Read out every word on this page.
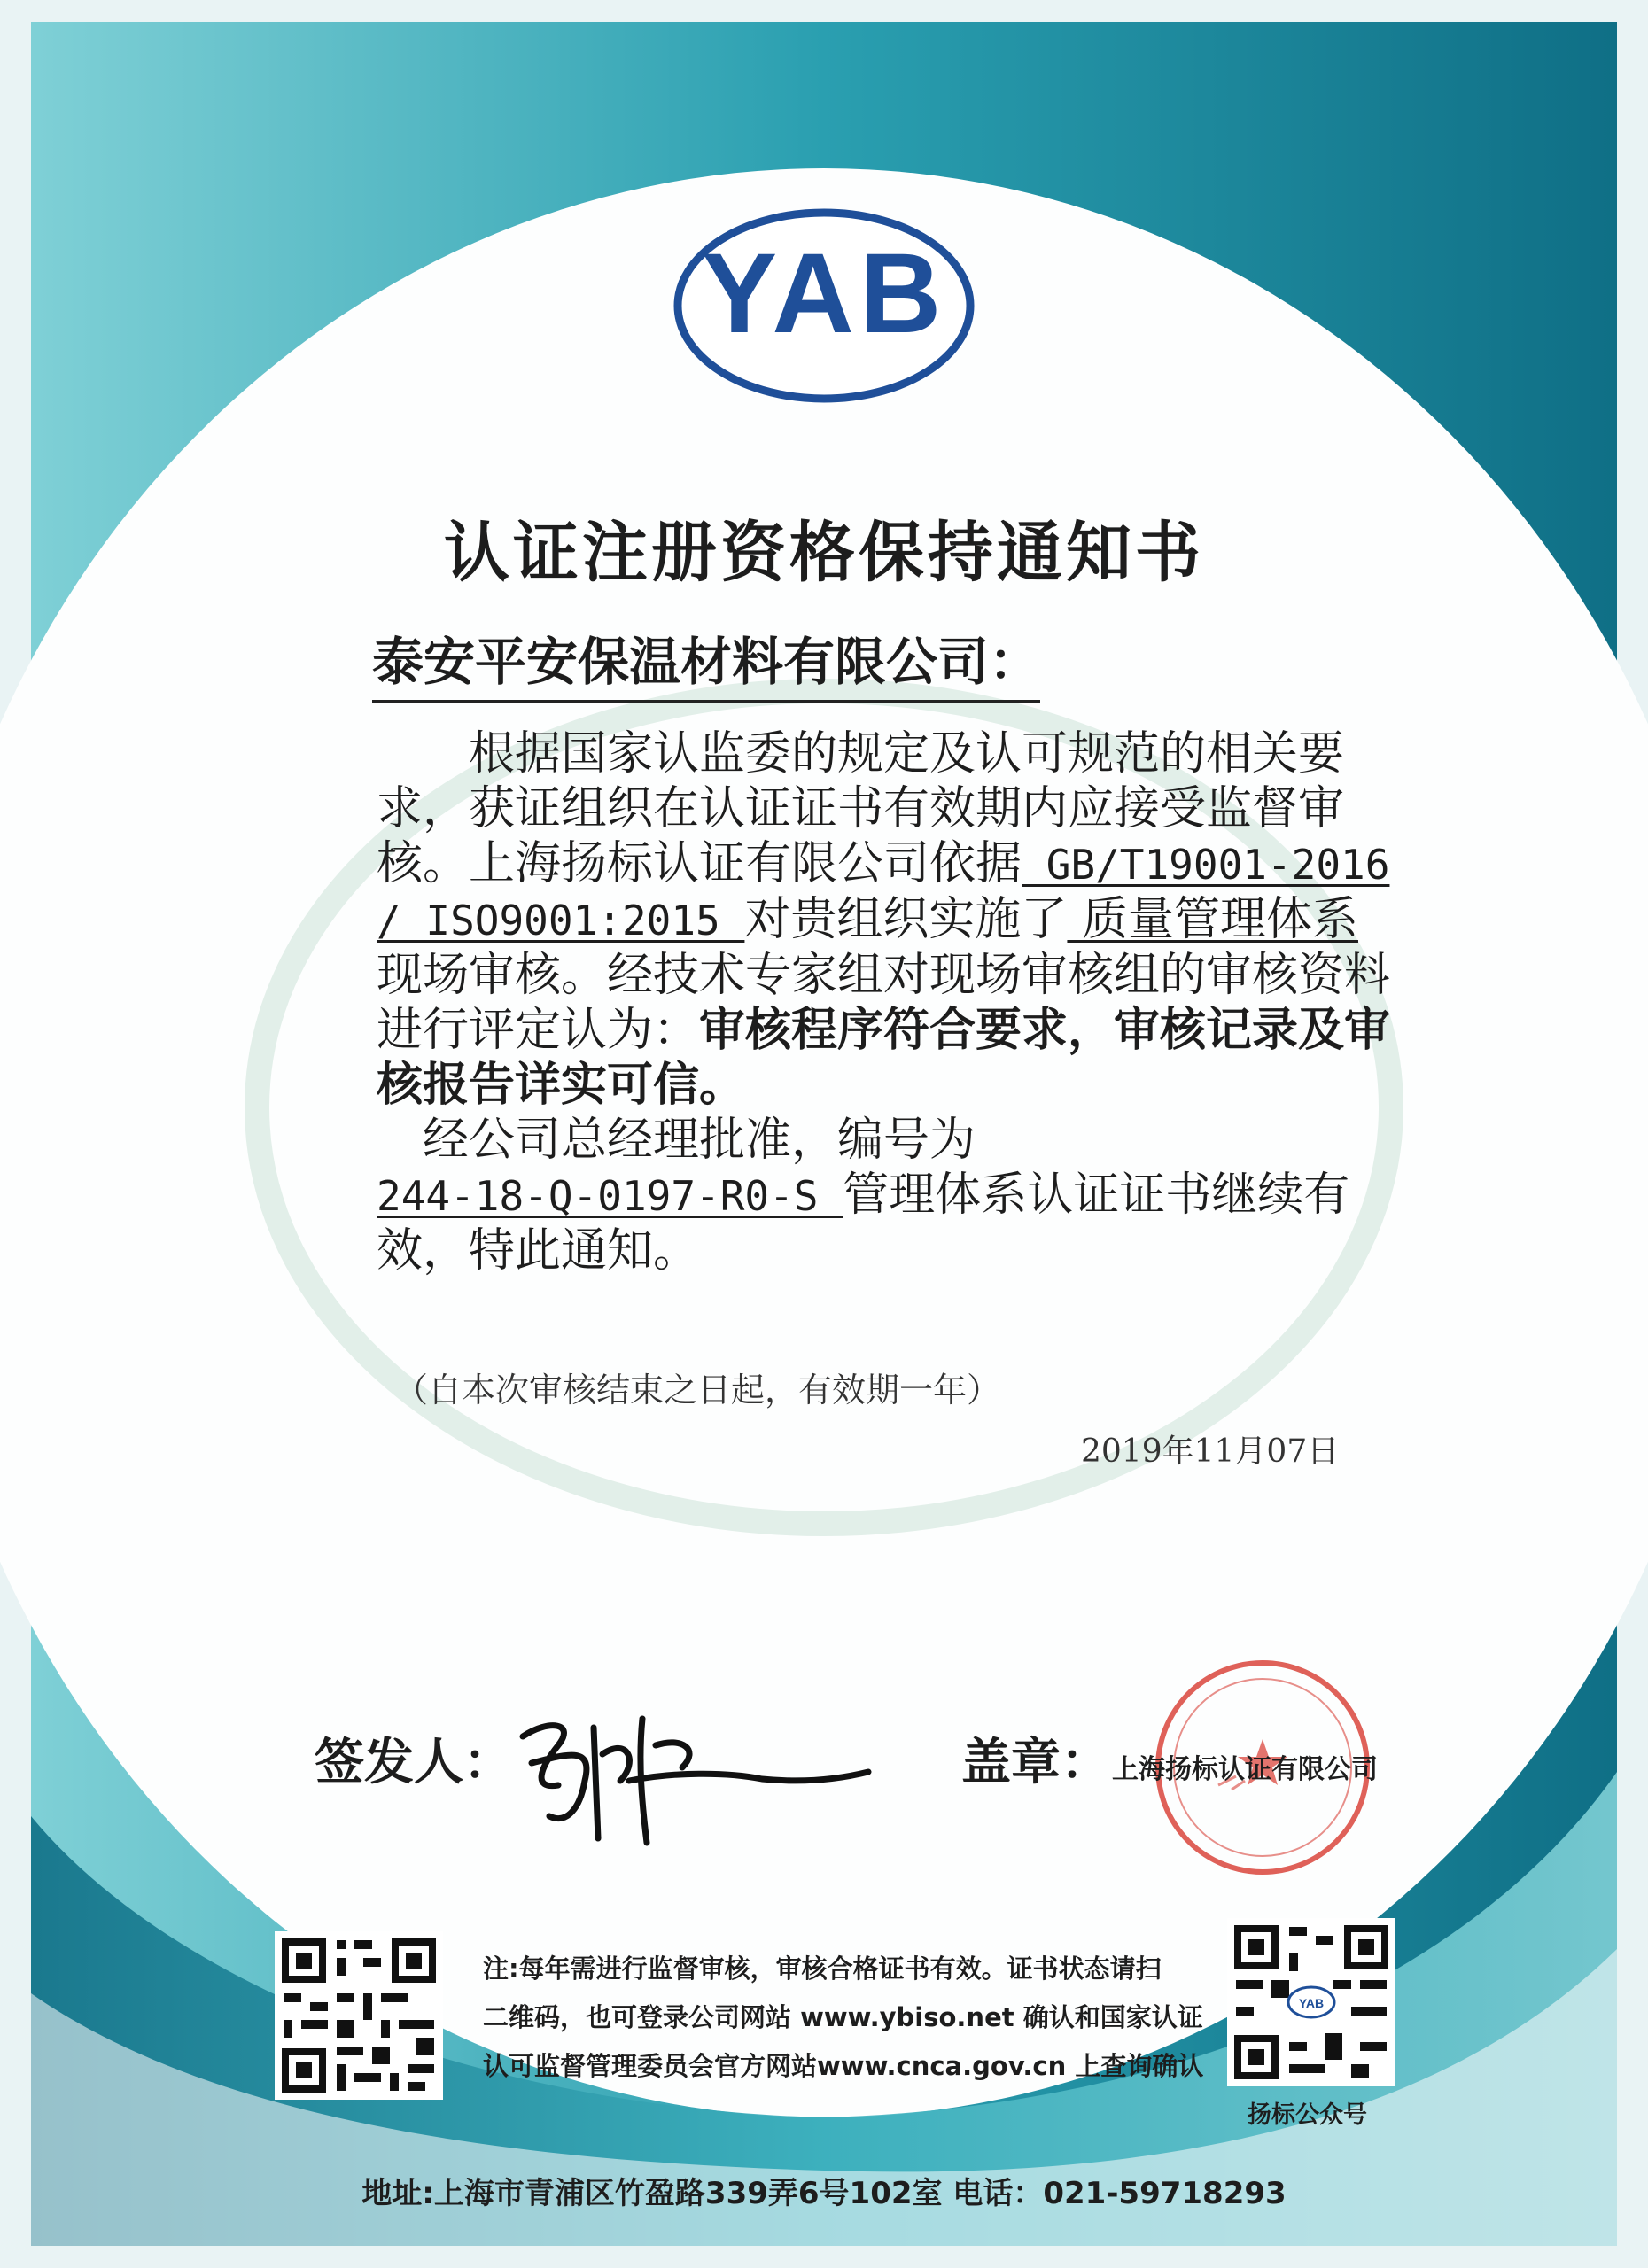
YAB
认证注册资格保持通知书
泰安平安保温材料有限公司：

根据国家认监委的规定及认可规范的相关要求，获证组织在认证证书有效期内应接受监督审核。上海扬标认证有限公司依据 GB/T19001-2016 / ISO9001:2015 对贵组织实施了 质量管理体系 现场审核。经技术专家组对现场审核组的审核资料进行评定认为：审核程序符合要求，审核记录及审核报告详实可信。

经公司总经理批准，编号为

244-18-Q-0197-R0-S 管理体系认证证书继续有效，特此通知。

（自本次审核结束之日起，有效期一年）
2019年11月07日
签发人：	盖章： 上海扬标认证有限公司
注:每年需进行监督审核，审核合格证书有效。证书状态请扫
二维码，也可登录公司网站 www.ybiso.net 确认和国家认证
认可监督管理委员会官方网站www.cnca.gov.cn 上查询确认
YAB
扬标公众号
地址:上海市青浦区竹盈路339弄6号102室 电话：021-59718293
